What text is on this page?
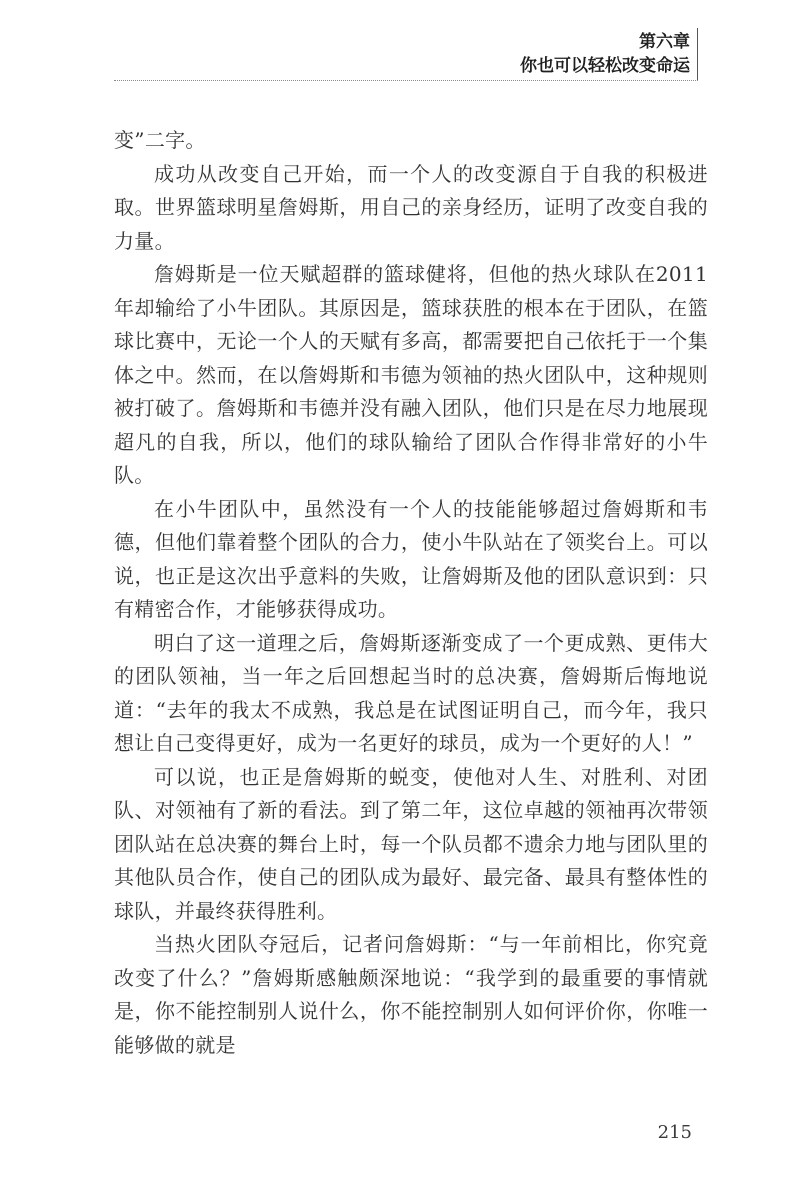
第六章
你也可以轻松改变命运

变”二字。

成功从改变自己开始，而一个人的改变源自于自我的积极进取。世界篮球明星詹姆斯，用自己的亲身经历，证明了改变自我的力量。

詹姆斯是一位天赋超群的篮球健将，但他的热火球队在2011年却输给了小牛团队。其原因是，篮球获胜的根本在于团队，在篮球比赛中，无论一个人的天赋有多高，都需要把自己依托于一个集体之中。然而，在以詹姆斯和韦德为领袖的热火团队中，这种规则被打破了。詹姆斯和韦德并没有融入团队，他们只是在尽力地展现超凡的自我，所以，他们的球队输给了团队合作得非常好的小牛队。

在小牛团队中，虽然没有一个人的技能能够超过詹姆斯和韦德，但他们靠着整个团队的合力，使小牛队站在了领奖台上。可以说，也正是这次出乎意料的失败，让詹姆斯及他的团队意识到：只有精密合作，才能够获得成功。

明白了这一道理之后，詹姆斯逐渐变成了一个更成熟、更伟大的团队领袖，当一年之后回想起当时的总决赛，詹姆斯后悔地说道：“去年的我太不成熟，我总是在试图证明自己，而今年，我只想让自己变得更好，成为一名更好的球员，成为一个更好的人！”

可以说，也正是詹姆斯的蜕变，使他对人生、对胜利、对团队、对领袖有了新的看法。到了第二年，这位卓越的领袖再次带领团队站在总决赛的舞台上时，每一个队员都不遗余力地与团队里的其他队员合作，使自己的团队成为最好、最完备、最具有整体性的球队，并最终获得胜利。

当热火团队夺冠后，记者问詹姆斯：“与一年前相比，你究竟改变了什么？”詹姆斯感触颇深地说：“我学到的最重要的事情就是，你不能控制别人说什么，你不能控制别人如何评价你，你唯一能够做的就是

215
